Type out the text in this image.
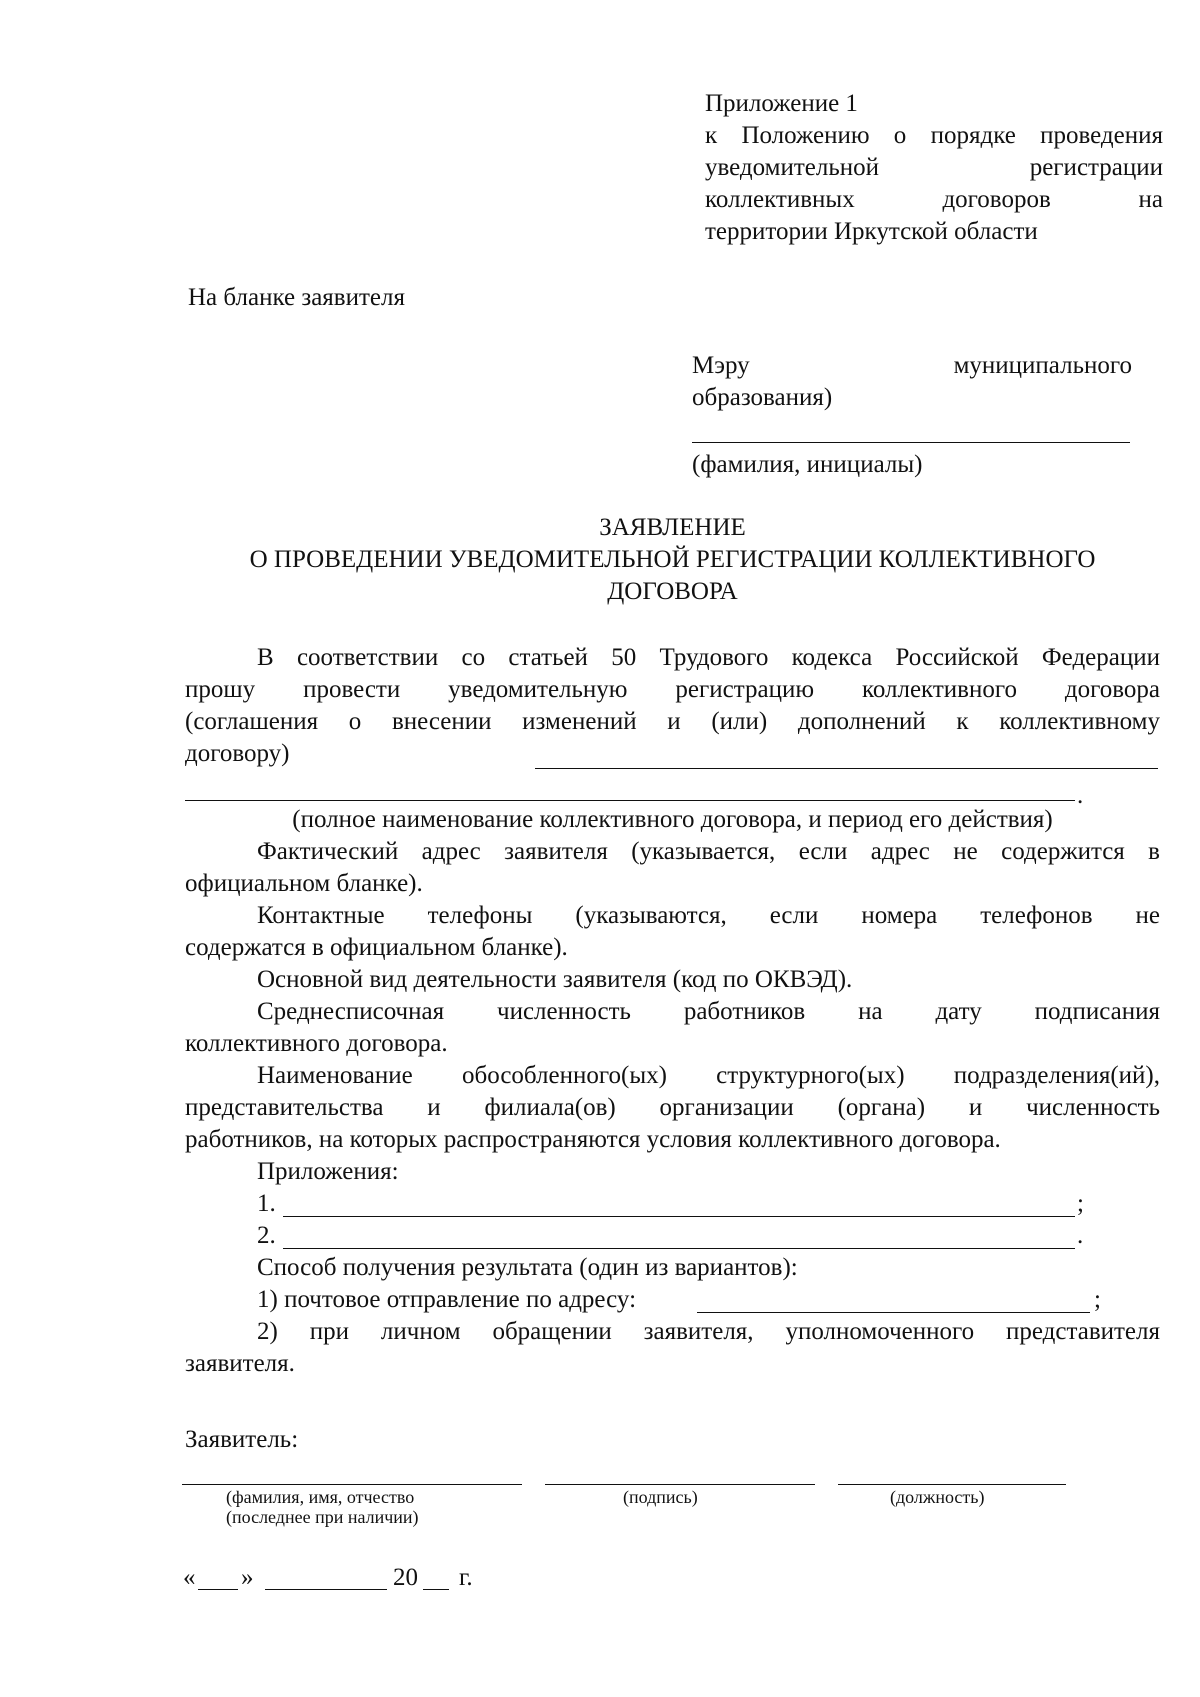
Приложение 1
к Положению о порядке проведения
уведомительной регистрации
коллективных договоров на
территории Иркутской области
На бланке заявителя
Мэру муниципального
образования)
(фамилия, инициалы)
ЗАЯВЛЕНИЕ
О ПРОВЕДЕНИИ УВЕДОМИТЕЛЬНОЙ РЕГИСТРАЦИИ КОЛЛЕКТИВНОГО
ДОГОВОРА
В соответствии со статьей 50 Трудового кодекса Российской Федерации
прошу провести уведомительную регистрацию коллективного договора
(соглашения о внесении изменений и (или) дополнений к коллективному
договору)
.
(полное наименование коллективного договора, и период его действия)
Фактический адрес заявителя (указывается, если адрес не содержится в
официальном бланке).
Контактные телефоны (указываются, если номера телефонов не
содержатся в официальном бланке).
Основной вид деятельности заявителя (код по ОКВЭД).
Среднесписочная численность работников на дату подписания
коллективного договора.
Наименование обособленного(ых) структурного(ых) подразделения(ий),
представительства и филиала(ов) организации (органа) и численность
работников, на которых распространяются условия коллективного договора.
Приложения:
1.	;
2.	.
Способ получения результата (один из вариантов):
1) почтовое отправление по адресу:	;
2) при личном обращении заявителя, уполномоченного представителя
заявителя.
Заявитель:
(фамилия, имя, отчество
(последнее при наличии)
(подпись)	(должность)
« »	20 г.
